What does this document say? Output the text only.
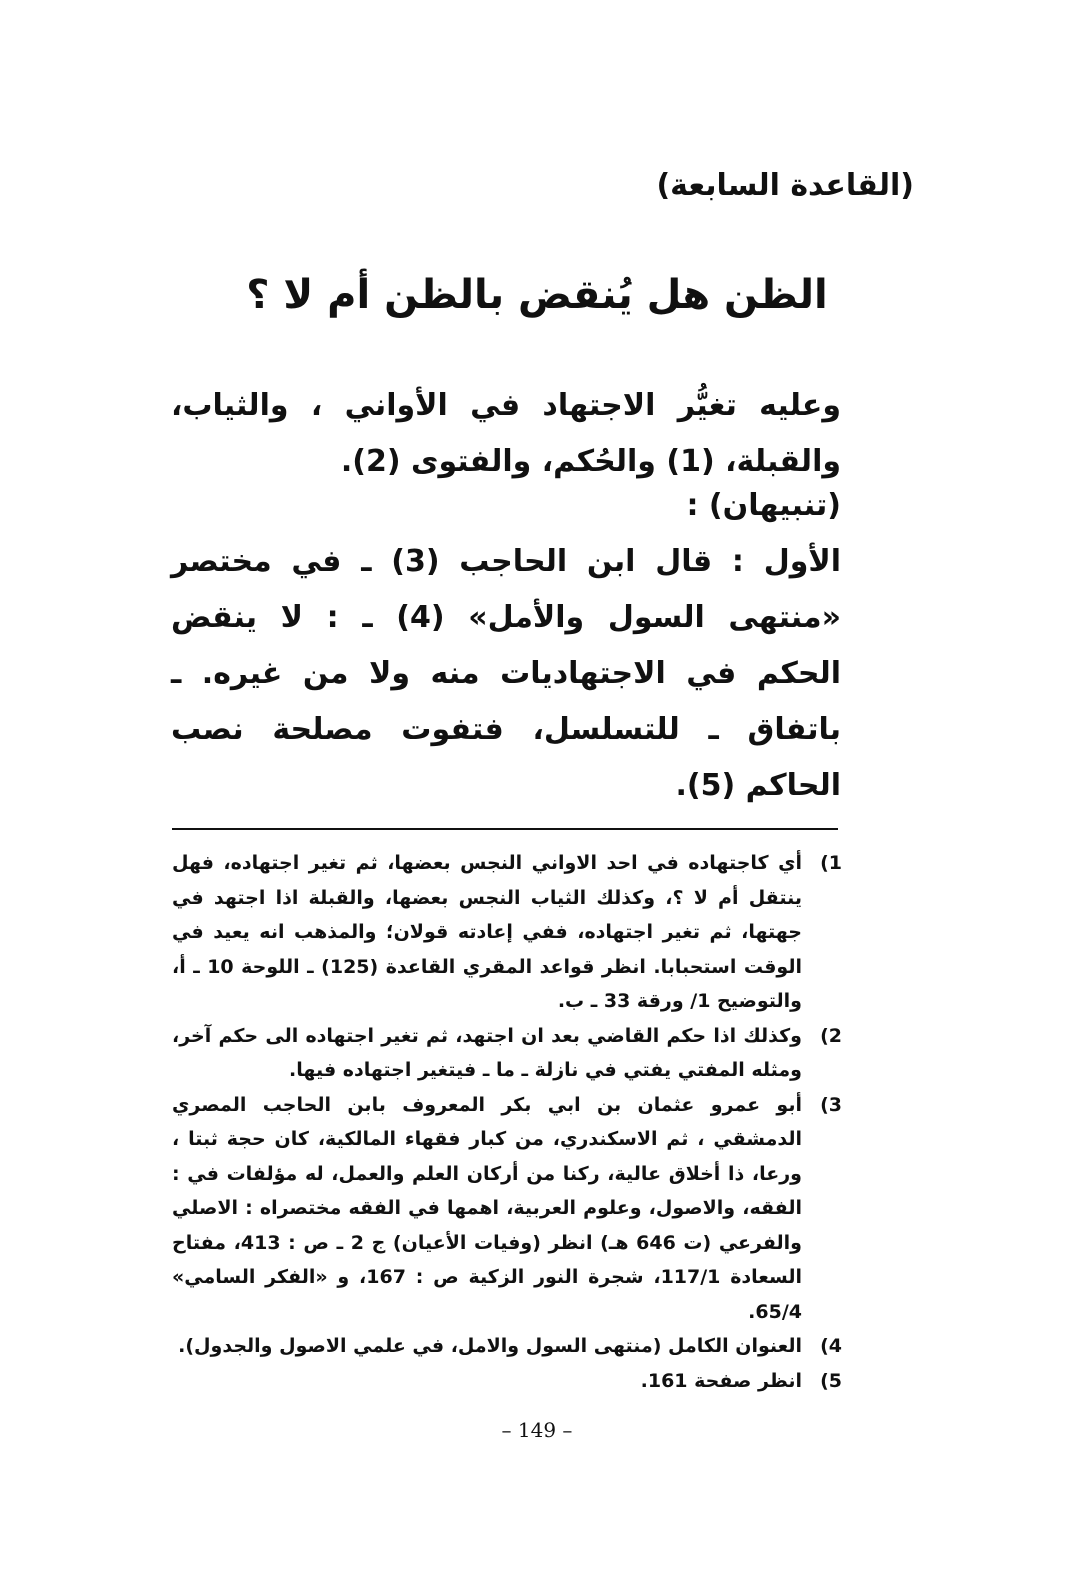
(القاعدة السابعة)
الظن هل يُنقض بالظن أم لا ؟
وعليه تغيُّر الاجتهاد في الأواني ، والثياب، والقبلة، (1) والحُكم، والفتوى (2).
(تنبيهان) :
الأول : قال ابن الحاجب (3) ـ في مختصر «منتهى السول والأمل» (4) ـ : لا ينقض الحكم في الاجتهاديات منه ولا من غيره. ـ باتفاق ـ للتسلسل، فتفوت مصلحة نصب الحاكم (5).
1)
أي كاجتهاده في احد الاواني النجس بعضها، ثم تغير اجتهاده، فهل ينتقل أم لا ؟، وكذلك الثياب النجس بعضها، والقبلة اذا اجتهد في جهتها، ثم تغير اجتهاده، ففي إعادته قولان؛ والمذهب انه يعيد في الوقت استحبابا. انظر قواعد المقري القاعدة (125) ـ اللوحة 10 ـ أ، والتوضيح 1/ ورقة 33 ـ ب.
2)
وكذلك اذا حكم القاضي بعد ان اجتهد، ثم تغير اجتهاده الى حكم آخر، ومثله المفتي يفتي في نازلة ـ ما ـ فيتغير اجتهاده فيها.
3)
أبو عمرو عثمان بن ابي بكر المعروف بابن الحاجب المصري الدمشقي ، ثم الاسكندري، من كبار فقهاء المالكية، كان حجة ثبتا ، ورعا، ذا أخلاق عالية، ركنا من أركان العلم والعمل، له مؤلفات في : الفقه، والاصول، وعلوم العربية، اهمها في الفقه مختصراه : الاصلي والفرعي (ت 646 هـ) انظر (وفيات الأعيان) ج 2 ـ ص : 413، مفتاح السعادة 117/1، شجرة النور الزكية ص : 167، و «الفكر السامي» 65/4.
4)
العنوان الكامل (منتهى السول والامل، في علمي الاصول والجدول).
5)
انظر صفحة 161.
– 149 –
